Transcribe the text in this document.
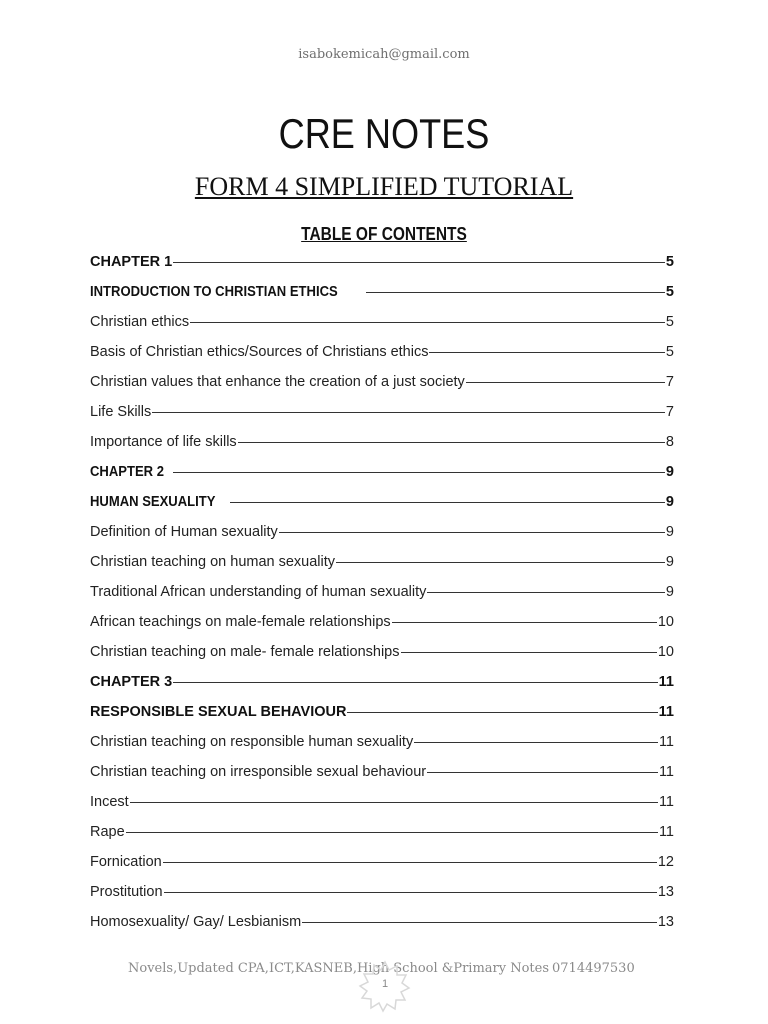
isabokemicah@gmail.com
CRE NOTES
FORM 4 SIMPLIFIED TUTORIAL
TABLE OF CONTENTS
CHAPTER 1	5
INTRODUCTION TO CHRISTIAN ETHICS	5
Christian ethics	5
Basis of Christian ethics/Sources of Christians ethics	5
Christian values that enhance the creation of a just society	7
Life Skills	7
Importance of life skills	8
CHAPTER 2	9
HUMAN SEXUALITY	9
Definition of Human sexuality	9
Christian teaching on human sexuality	9
Traditional African understanding of human sexuality	9
African teachings on male-female relationships	10
Christian teaching on male- female relationships	10
CHAPTER 3	11
RESPONSIBLE SEXUAL BEHAVIOUR	11
Christian teaching on responsible human sexuality	11
Christian teaching on irresponsible sexual behaviour	11
Incest	11
Rape	11
Fornication	12
Prostitution	13
Homosexuality/ Gay/ Lesbianism	13
Novels,Updated CPA,ICT,KASNEB,High School &Primary Notes 0714497530
1
